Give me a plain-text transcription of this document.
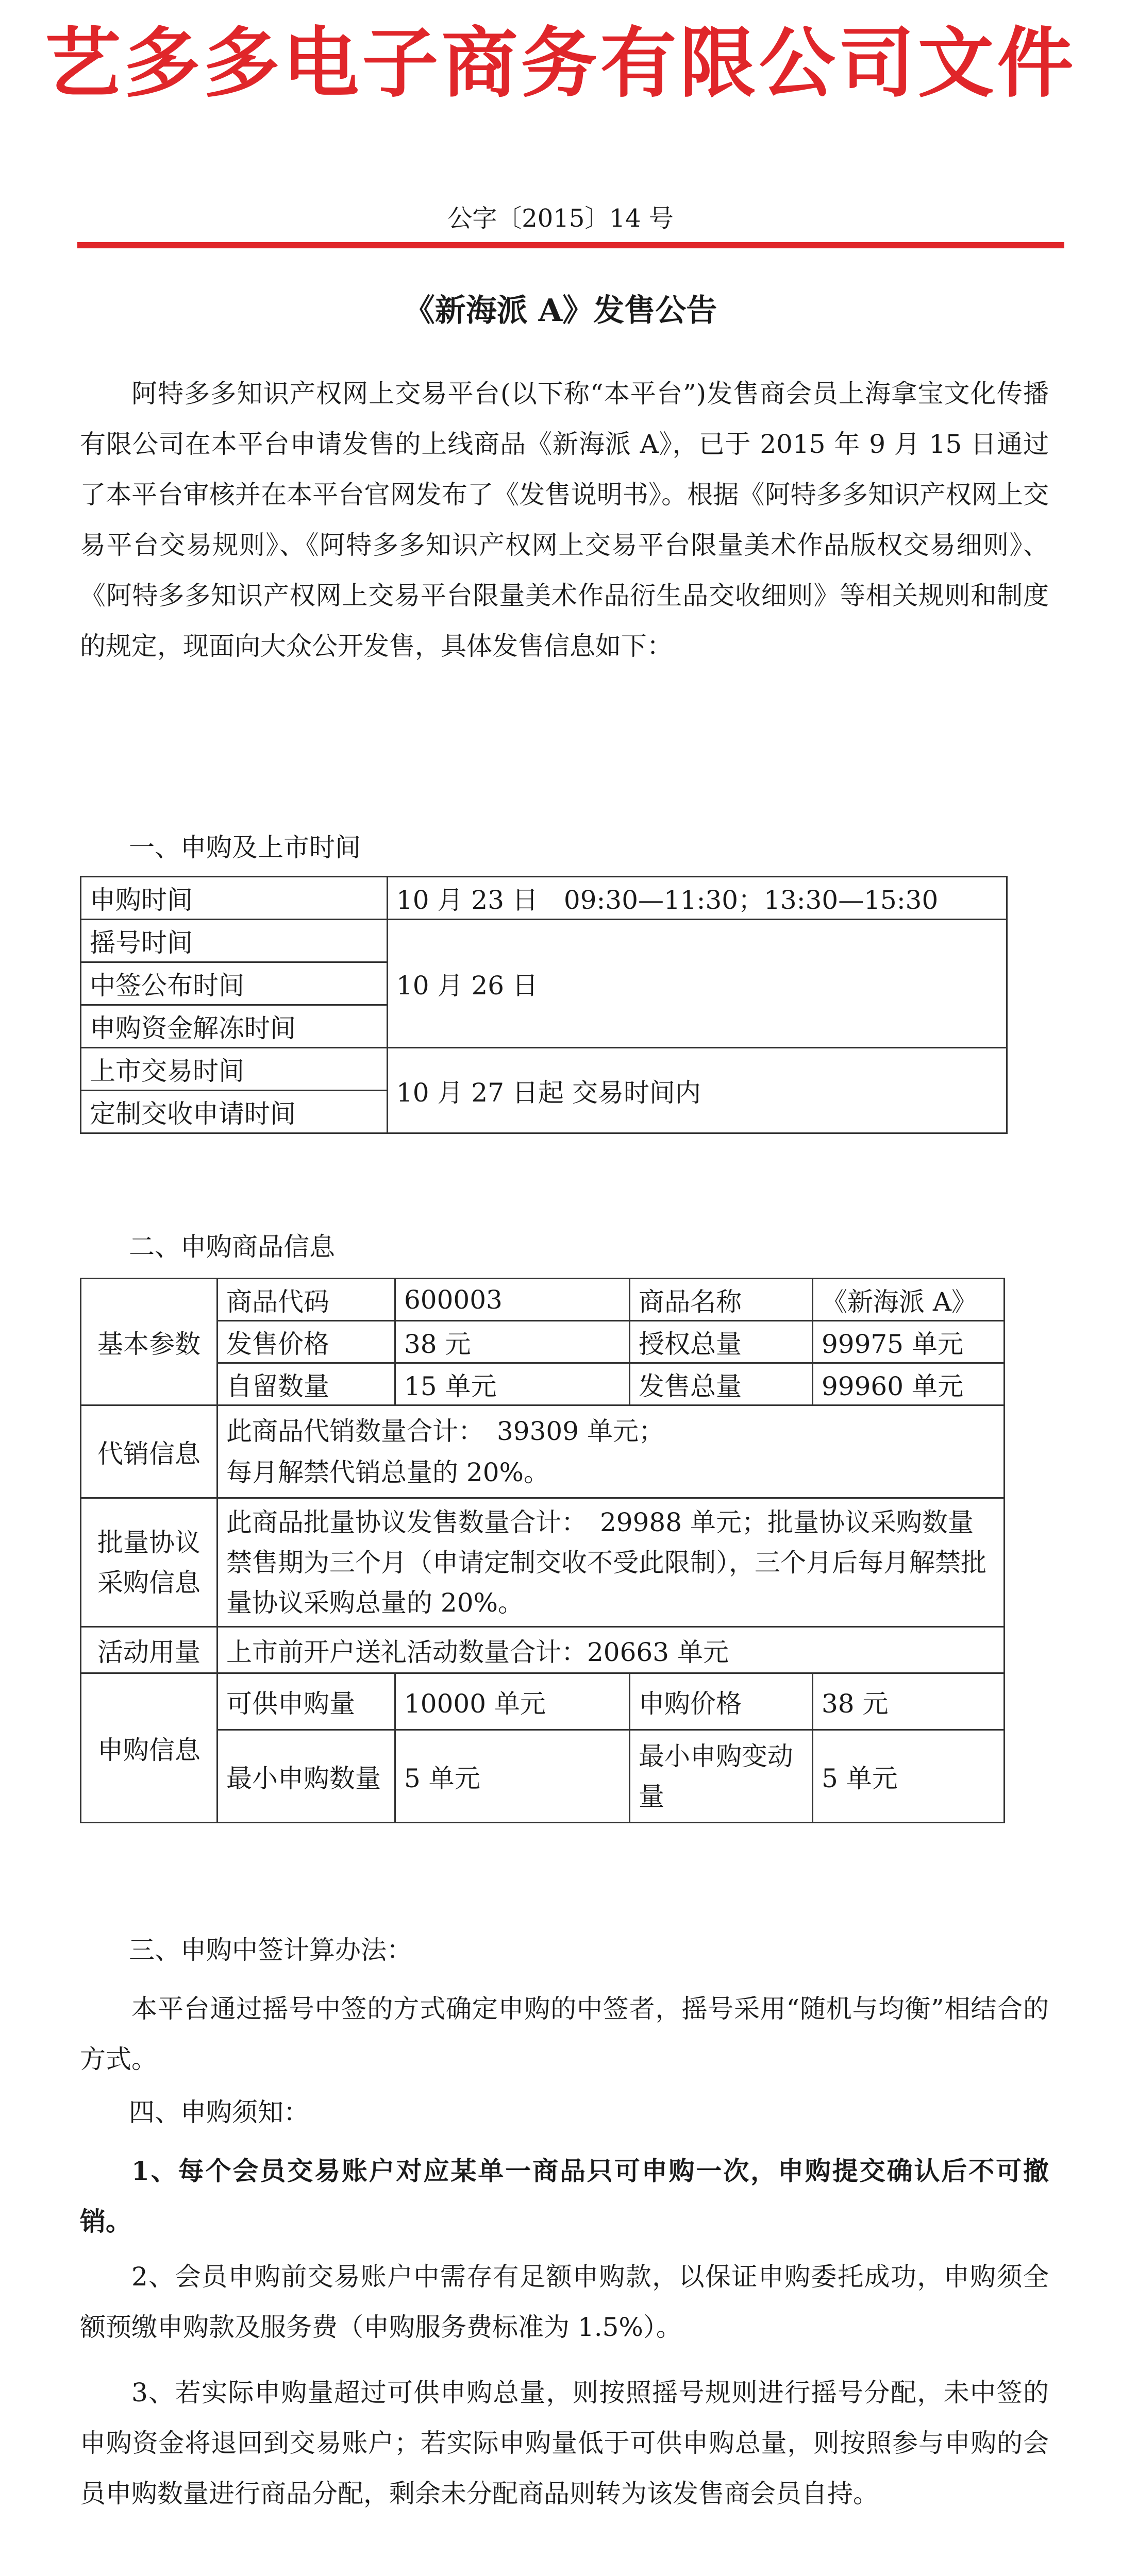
艺多多电子商务有限公司文件
公字〔2015〕14 号
《新海派 A》发售公告
阿特多多知识产权网上交易平台(以下称“本平台”)发售商会员上海拿宝文化传播有限公司在本平台申请发售的上线商品《新海派 A》，已于 2015 年 9 月 15 日通过了本平台审核并在本平台官网发布了《发售说明书》。根据《阿特多多知识产权网上交易平台交易规则》、《阿特多多知识产权网上交易平台限量美术作品版权交易细则》、《阿特多多知识产权网上交易平台限量美术作品衍生品交收细则》等相关规则和制度的规定，现面向大众公开发售，具体发售信息如下：
一、申购及上市时间
申购时间	10 月 23 日　09:30—11:30；13:30—15:30
摇号时间	10 月 26 日
中签公布时间	
申购资金解冻时间	
上市交易时间	10 月 27 日起 交易时间内
定制交收申请时间	
二、申购商品信息
基本参数	商品代码	600003	商品名称	《新海派 A》
	发售价格	38 元	授权总量	99975 单元
	自留数量	15 单元	发售总量	99960 单元
代销信息	此商品代销数量合计：　39309 单元；
每月解禁代销总量的 20%。			

批量协议采购信息	此商品批量协议发售数量合计：　29988 单元；批量协议采购数量禁售期为三个月（申请定制交收不受此限制），三个月后每月解禁批量协议采购总量的 20%。			
活动用量	上市前开户送礼活动数量合计：20663 单元			
申购信息	可供申购量	10000 单元	申购价格	38 元
	最小申购数量	5 单元	最小申购变动量	5 单元
三、申购中签计算办法：
本平台通过摇号中签的方式确定申购的中签者，摇号采用“随机与均衡”相结合的方式。
四、申购须知：
1、每个会员交易账户对应某单一商品只可申购一次，申购提交确认后不可撤销。
2、会员申购前交易账户中需存有足额申购款，以保证申购委托成功，申购须全额预缴申购款及服务费（申购服务费标准为 1.5%）。
3、若实际申购量超过可供申购总量，则按照摇号规则进行摇号分配，未中签的申购资金将退回到交易账户；若实际申购量低于可供申购总量，则按照参与申购的会员申购数量进行商品分配，剩余未分配商品则转为该发售商会员自持。
